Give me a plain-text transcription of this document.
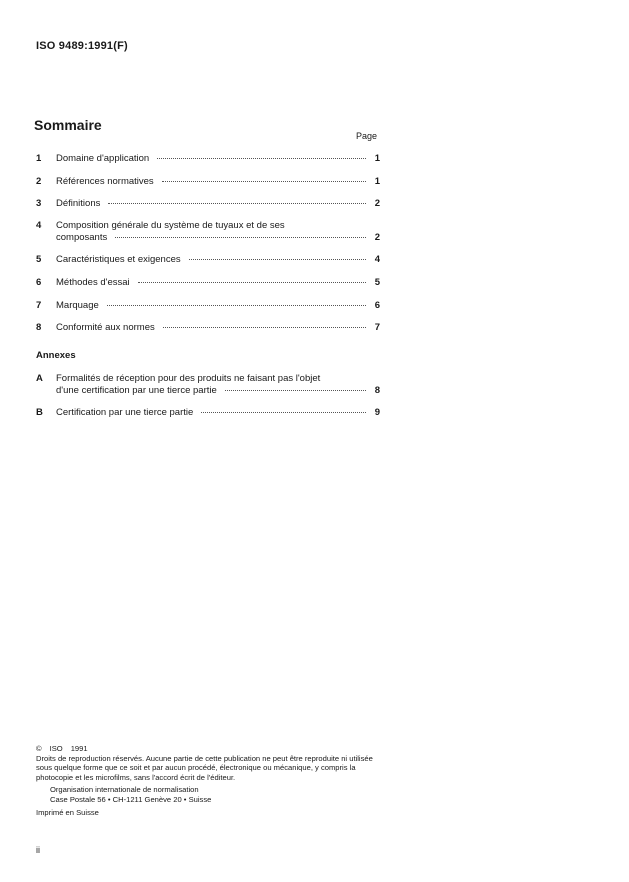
ISO 9489:1991(F)
Sommaire
Page
1	Domaine d'application	1
2	Références normatives	1
3	Définitions	2
4	Composition générale du système de tuyaux et de ses
composants	2
5	Caractéristiques et exigences	4
6	Méthodes d'essai	5
7	Marquage	6
8	Conformité aux normes	7
Annexes
A	Formalités de réception pour des produits ne faisant pas l'objet
d'une certification par une tierce partie	8
B	Certification par une tierce partie	9
© ISO 1991

Droits de reproduction réservés. Aucune partie de cette publication ne peut être reproduite ni utilisée sous quelque forme que ce soit et par aucun procédé, électronique ou mécanique, y compris la photocopie et les microfilms, sans l'accord écrit de l'éditeur.

Organisation internationale de normalisation

Case Postale 56 • CH-1211 Genève 20 • Suisse

Imprimé en Suisse

ii
